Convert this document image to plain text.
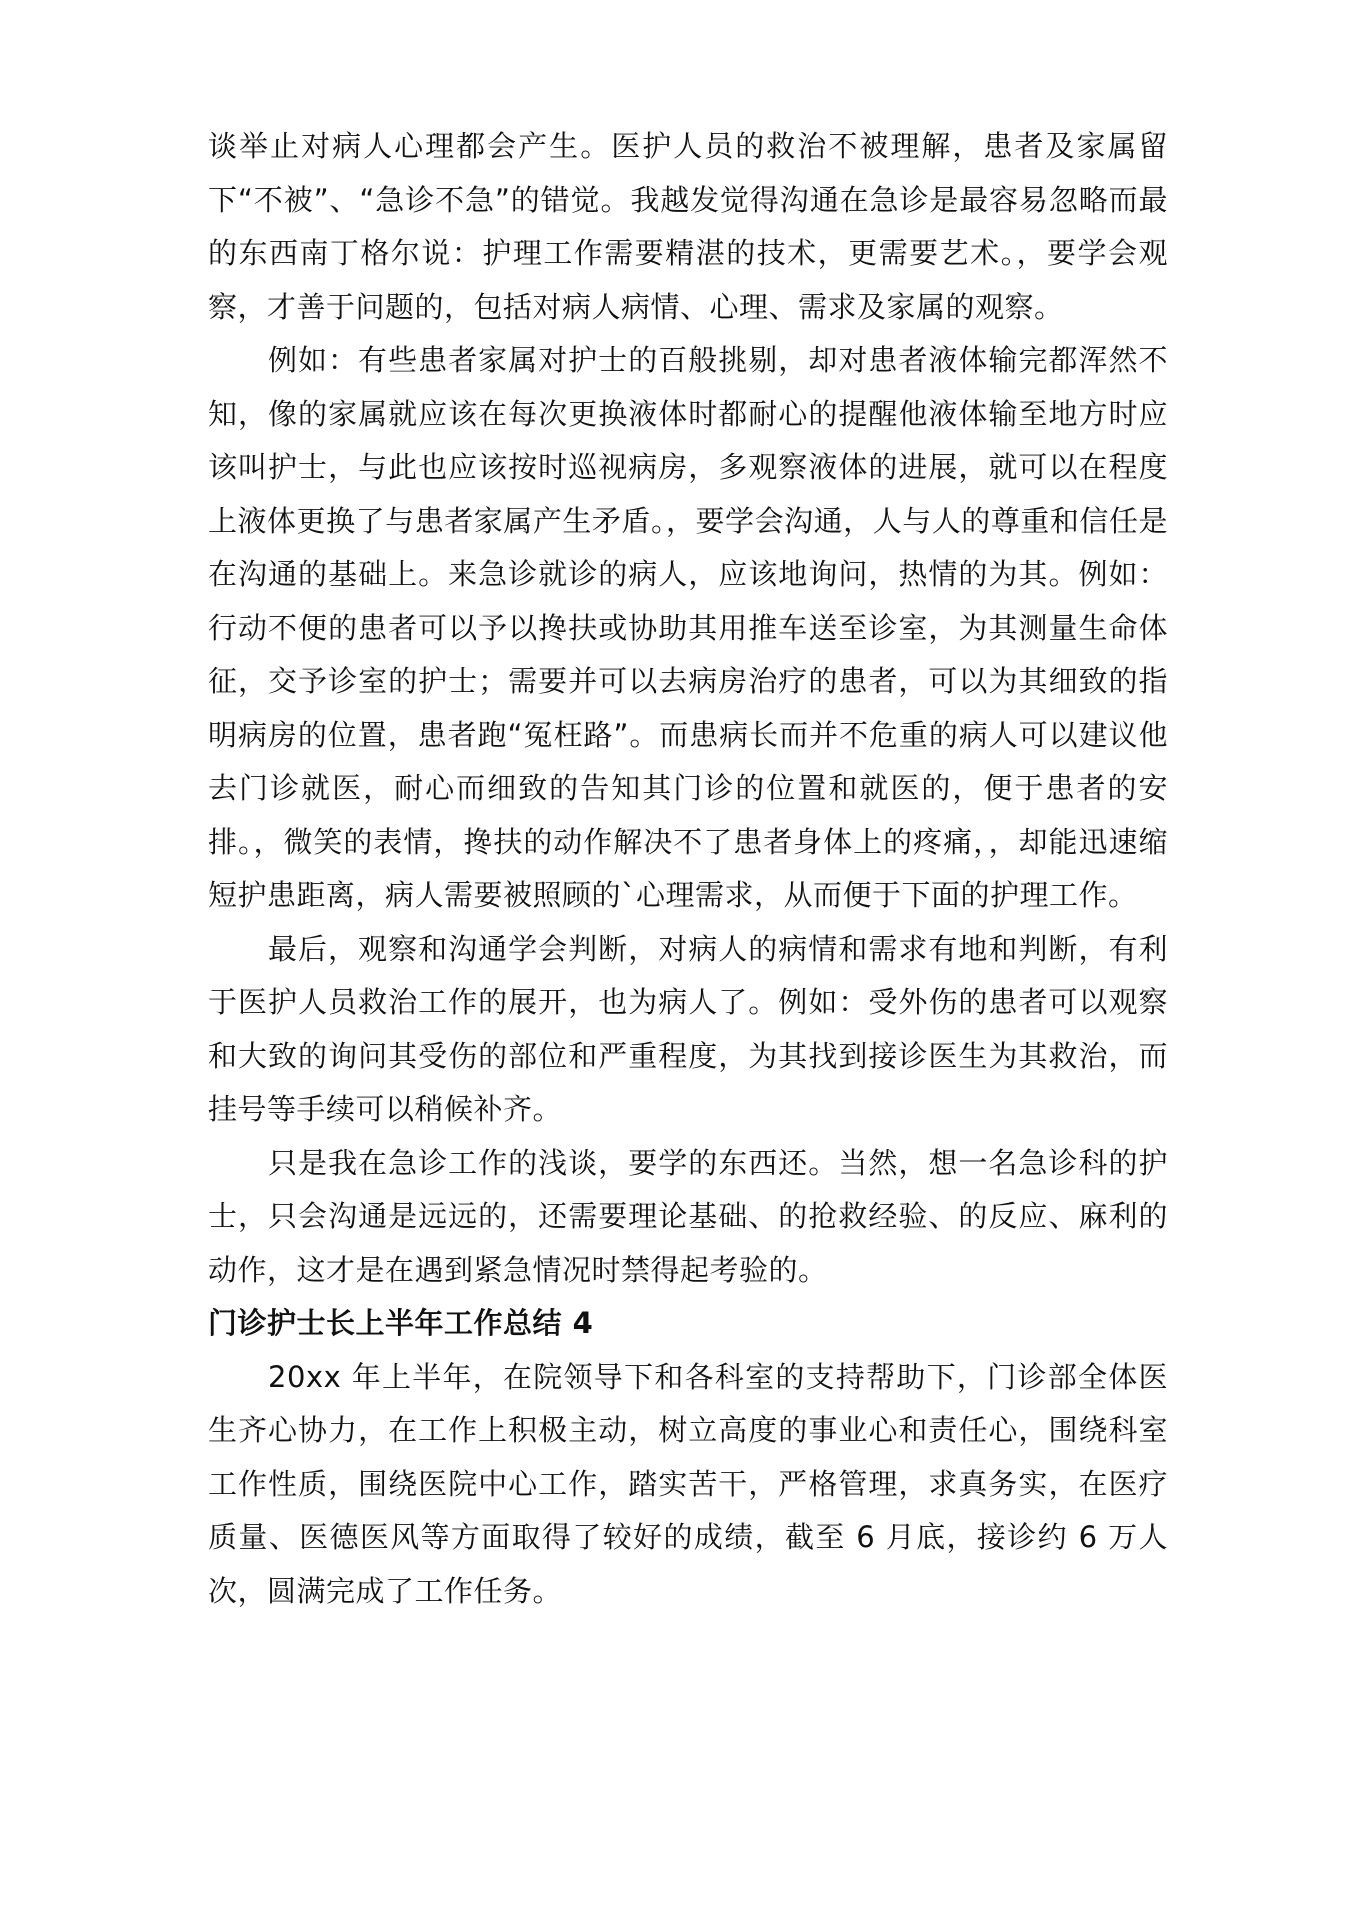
谈举止对病人心理都会产生。医护人员的救治不被理解，患者及家属留下“不被”、“急诊不急”的错觉。我越发觉得沟通在急诊是最容易忽略而最的东西南丁格尔说：护理工作需要精湛的技术，更需要艺术。，要学会观察，才善于问题的，包括对病人病情、心理、需求及家属的观察。

例如：有些患者家属对护士的百般挑剔，却对患者液体输完都浑然不知，像的家属就应该在每次更换液体时都耐心的提醒他液体输至地方时应该叫护士，与此也应该按时巡视病房，多观察液体的进展，就可以在程度上液体更换了与患者家属产生矛盾。，要学会沟通，人与人的尊重和信任是在沟通的基础上。来急诊就诊的病人，应该地询问，热情的为其。例如：行动不便的患者可以予以搀扶或协助其用推车送至诊室，为其测量生命体征，交予诊室的护士；需要并可以去病房治疗的患者，可以为其细致的指明病房的位置，患者跑“冤枉路”。而患病长而并不危重的病人可以建议他去门诊就医，耐心而细致的告知其门诊的位置和就医的，便于患者的安排。，微笑的表情，搀扶的动作解决不了患者身体上的疼痛，，却能迅速缩短护患距离，病人需要被照顾的`心理需求，从而便于下面的护理工作。

最后，观察和沟通学会判断，对病人的病情和需求有地和判断，有利于医护人员救治工作的展开，也为病人了。例如：受外伤的患者可以观察和大致的询问其受伤的部位和严重程度，为其找到接诊医生为其救治，而挂号等手续可以稍候补齐。

只是我在急诊工作的浅谈，要学的东西还。当然，想一名急诊科的护士，只会沟通是远远的，还需要理论基础、的抢救经验、的反应、麻利的动作，这才是在遇到紧急情况时禁得起考验的。

门诊护士长上半年工作总结 4

20xx 年上半年，在院领导下和各科室的支持帮助下，门诊部全体医生齐心协力，在工作上积极主动，树立高度的事业心和责任心，围绕科室工作性质，围绕医院中心工作，踏实苦干，严格管理，求真务实，在医疗质量、医德医风等方面取得了较好的成绩，截至 6 月底，接诊约 6 万人次，圆满完成了工作任务。
